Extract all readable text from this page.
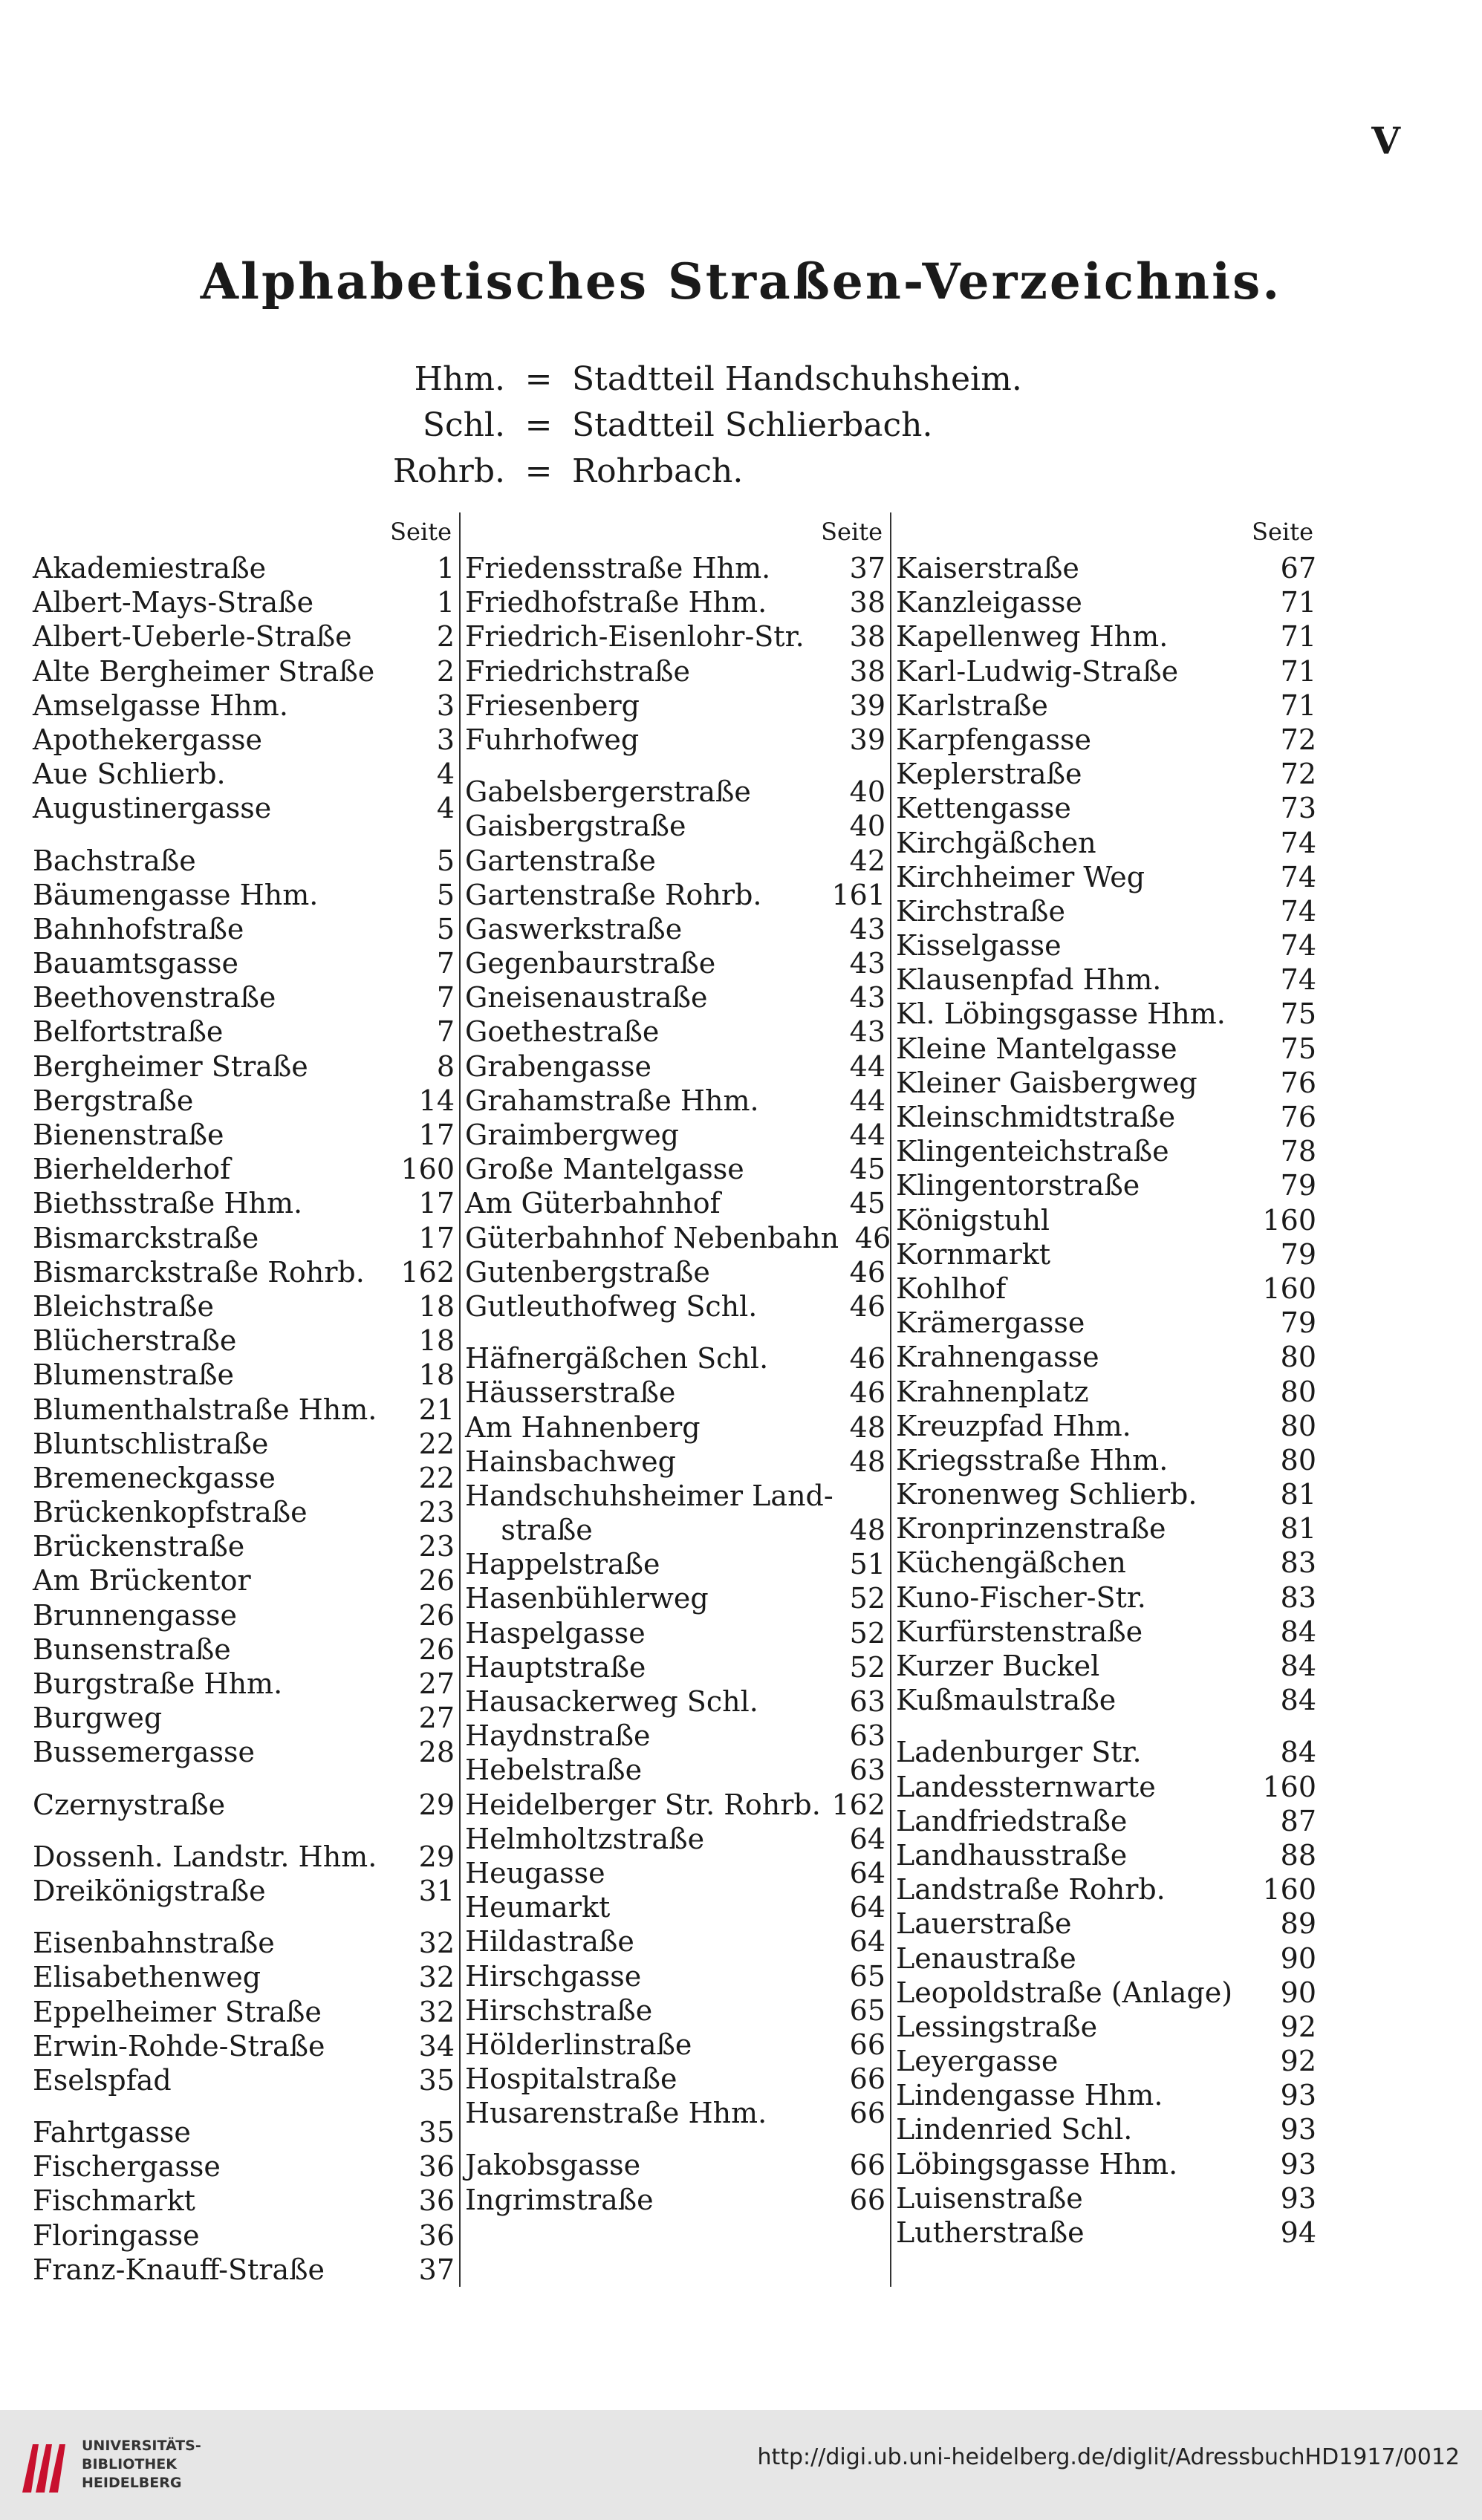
V
Alphabetisches Straßen-Verzeichnis.
Hhm. = Stadtteil Handschuhsheim.
Schl. = Stadtteil Schlierbach.
Rohrb. = Rohrbach.
Seite
Akademiestraße	1
Albert-Mays-Straße	1
Albert-Ueberle-Straße	2
Alte Bergheimer Straße	2
Amselgasse Hhm.	3
Apothekergasse	3
Aue Schlierb.	4
Augustinergasse	4
Bachstraße	5
Bäumengasse Hhm.	5
Bahnhofstraße	5
Bauamtsgasse	7
Beethovenstraße	7
Belfortstraße	7
Bergheimer Straße	8
Bergstraße	14
Bienenstraße	17
Bierhelderhof	160
Biethsstraße Hhm.	17
Bismarckstraße	17
Bismarckstraße Rohrb. 162
Bleichstraße	18
Blücherstraße	18
Blumenstraße	18
Blumenthalstraße Hhm.	21
Bluntschlistraße	22
Bremeneckgasse	22
Brückenkopfstraße	23
Brückenstraße	23
Am Brückentor	26
Brunnengasse	26
Bunsenstraße	26
Burgstraße Hhm.	27
Burgweg	27
Bussemergasse	28
Czernystraße	29
Dossenh. Landstr. Hhm.	29
Dreikönigstraße	31
Eisenbahnstraße	32
Elisabethenweg	32
Eppelheimer Straße	32
Erwin-Rohde-Straße	34
Eselspfad	35
Fahrtgasse	35
Fischergasse	36
Fischmarkt	36
Floringasse	36
Franz-Knauff-Straße	37
Seite
Friedensstraße Hhm.	37
Friedhofstraße Hhm.	38
Friedrich-Eisenlohr-Str.	38
Friedrichstraße	38
Friesenberg	39
Fuhrhofweg	39
Gabelsbergerstraße	40
Gaisbergstraße	40
Gartenstraße	42
Gartenstraße Rohrb. 161
Gaswerkstraße	43
Gegenbaurstraße	43
Gneisenaustraße	43
Goethestraße	43
Grabengasse	44
Grahamstraße Hhm.	44
Graimbergweg	44
Große Mantelgasse	45
Am Güterbahnhof	45
Güterbahnhof Nebenbahn 46
Gutenbergstraße	46
Gutleuthofweg Schl.	46
Häfnergäßchen Schl.	46
Häusserstraße	46
Am Hahnenberg	48
Hainsbachweg	48
Handschuhsheimer Land-
straße	48
Happelstraße	51
Hasenbühlerweg	52
Haspelgasse	52
Hauptstraße	52
Hausackerweg Schl.	63
Haydnstraße	63
Hebelstraße	63
Heidelberger Str. Rohrb. 162
Helmholtzstraße	64
Heugasse	64
Heumarkt	64
Hildastraße	64
Hirschgasse	65
Hirschstraße	65
Hölderlinstraße	66
Hospitalstraße	66
Husarenstraße Hhm.	66
Jakobsgasse	66
Ingrimstraße	66
Seite
Kaiserstraße	67
Kanzleigasse	71
Kapellenweg Hhm.	71
Karl-Ludwig-Straße	71
Karlstraße	71
Karpfengasse	72
Keplerstraße	72
Kettengasse	73
Kirchgäßchen	74
Kirchheimer Weg	74
Kirchstraße	74
Kisselgasse	74
Klausenpfad Hhm.	74
Kl. Löbingsgasse Hhm.	75
Kleine Mantelgasse	75
Kleiner Gaisbergweg	76
Kleinschmidtstraße	76
Klingenteichstraße	78
Klingentorstraße	79
Königstuhl	160
Kornmarkt	79
Kohlhof	160
Krämergasse	79
Krahnengasse	80
Krahnenplatz	80
Kreuzpfad Hhm.	80
Kriegsstraße Hhm.	80
Kronenweg Schlierb.	81
Kronprinzenstraße	81
Küchengäßchen	83
Kuno-Fischer-Str.	83
Kurfürstenstraße	84
Kurzer Buckel	84
Kußmaulstraße	84
Ladenburger Str.	84
Landessternwarte	160
Landfriedstraße	87
Landhausstraße	88
Landstraße Rohrb.	160
Lauerstraße	89
Lenaustraße	90
Leopoldstraße (Anlage)	90
Lessingstraße	92
Leyergasse	92
Lindengasse Hhm.	93
Lindenried Schl.	93
Löbingsgasse Hhm.	93
Luisenstraße	93
Lutherstraße	94
UNIVERSITÄTS-
BIBLIOTHEK
HEIDELBERG
http://digi.ub.uni-heidelberg.de/diglit/AdressbuchHD1917/0012
